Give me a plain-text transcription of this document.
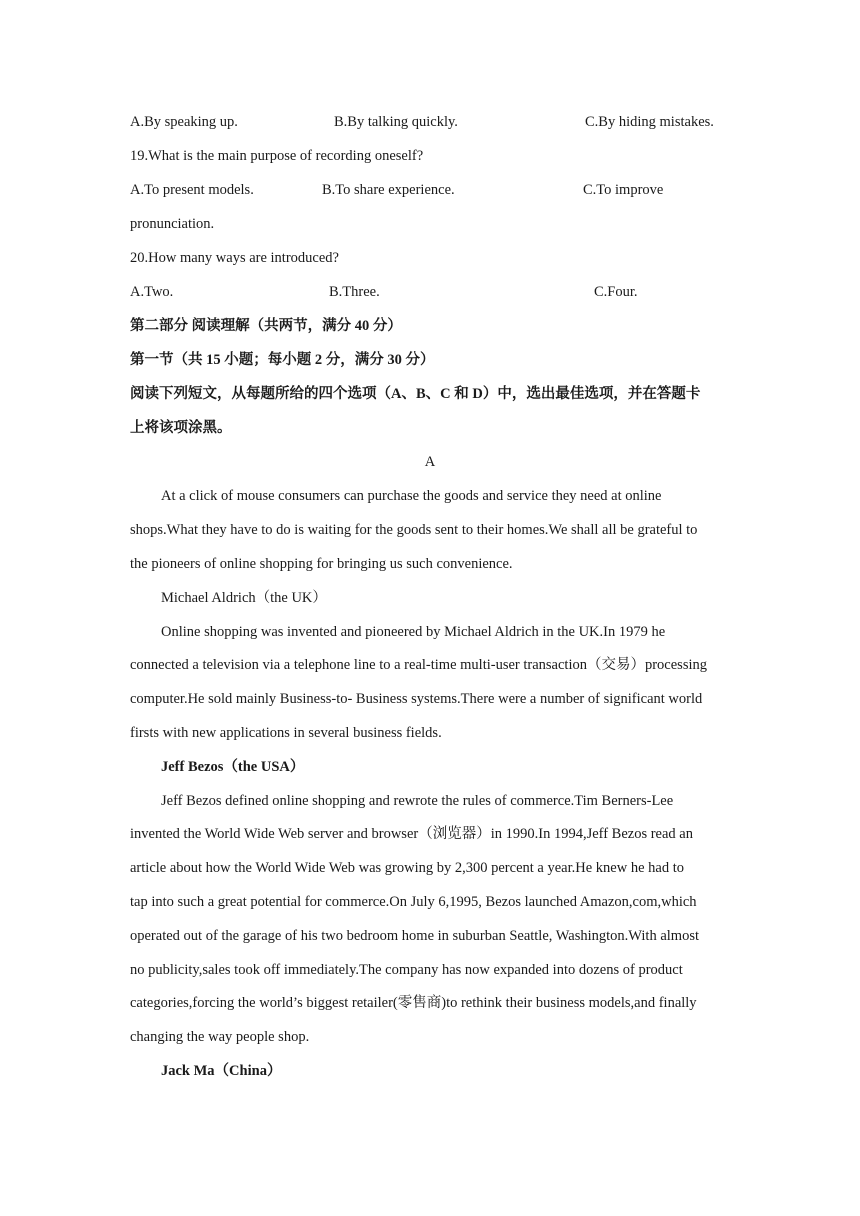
A.By speaking up.	B.By talking quickly.	C.By hiding mistakes.
19.What is the main purpose of recording oneself?
A.To present models.	B.To share experience.	C.To improve
pronunciation.
20.How many ways are introduced?
A.Two.	B.Three.	C.Four.
第二部分 阅读理解（共两节，满分 40 分）
第一节（共 15 小题；每小题 2 分，满分 30 分）
阅读下列短文，从每题所给的四个选项（A、B、C 和 D）中，选出最佳选项，并在答题卡
上将该项涂黑。
A
At a click of mouse consumers can purchase the goods and service they need at online
shops.What they have to do is waiting for the goods sent to their homes.We shall all be grateful to
the pioneers of online shopping for bringing us such convenience.
Michael Aldrich（the UK）
Online shopping was invented and pioneered by Michael Aldrich in the UK.In 1979 he
connected a television via a telephone line to a real-time multi-user transaction（交易）processing
computer.He sold mainly Business-to- Business systems.There were a number of significant world
firsts with new applications in several business fields.
Jeff Bezos（the USA）
Jeff Bezos defined online shopping and rewrote the rules of commerce.Tim Berners-Lee
invented the World Wide Web server and browser（浏览器）in 1990.In 1994,Jeff Bezos read an
article about how the World Wide Web was growing by 2,300 percent a year.He knew he had to
tap into such a great potential for commerce.On July 6,1995, Bezos launched Amazon,com,which
operated out of the garage of his two bedroom home in suburban Seattle, Washington.With almost
no publicity,sales took off immediately.The company has now expanded into dozens of product
categories,forcing the world’s biggest retailer(零售商)to rethink their business models,and finally
changing the way people shop.
Jack Ma（China）
